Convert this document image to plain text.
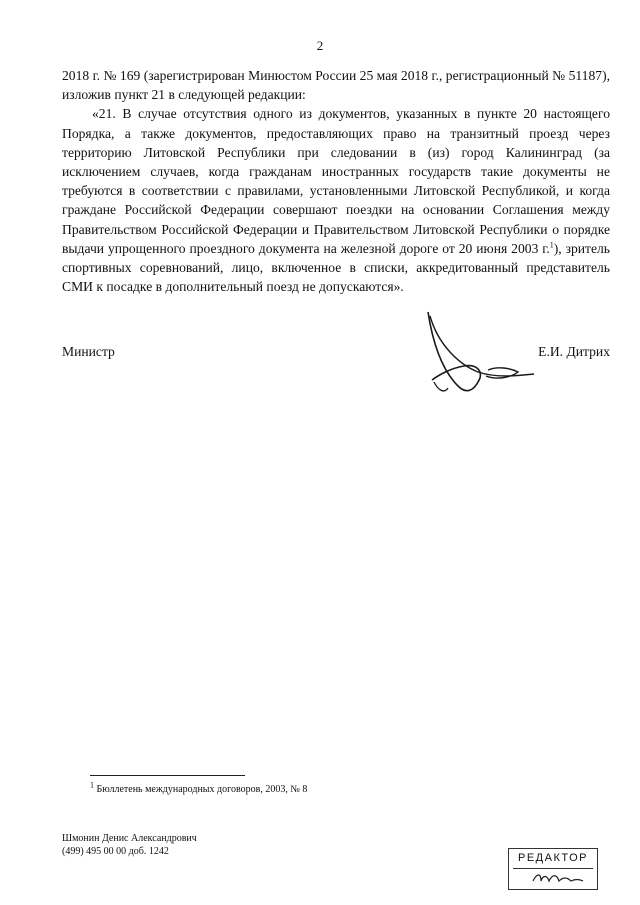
2

2018 г. № 169 (зарегистрирован Минюстом России 25 мая 2018 г., регистрационный № 51187), изложив пункт 21 в следующей редакции:

«21. В случае отсутствия одного из документов, указанных в пункте 20 настоящего Порядка, а также документов, предоставляющих право на транзитный проезд через территорию Литовской Республики при следовании в (из) город Калининград (за исключением случаев, когда гражданам иностранных государств такие документы не требуются в соответствии с правилами, установленными Литовской Республикой, и когда граждане Российской Федерации совершают поездки на основании Соглашения между Правительством Российской Федерации и Правительством Литовской Республики о порядке выдачи упрощенного проездного документа на железной дороге от 20 июня 2003 г.$^1$), зритель спортивных соревнований, лицо, включенное в списки, аккредитованный представитель СМИ к посадке в дополнительный поезд не допускаются».

Министр	Е.И. Дитрих
$^1$ Бюллетень международных договоров, 2003, № 8
Шмонин Денис Александрович
(499) 495 00 00 доб. 1242
РЕДАКТОР
